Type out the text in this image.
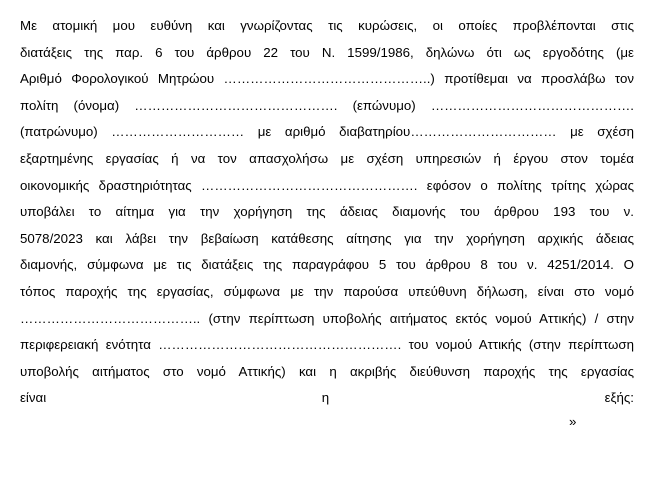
Με ατομική μου ευθύνη και γνωρίζοντας τις κυρώσεις, οι οποίες προβλέπονται στις
διατάξεις της παρ. 6 του άρθρου 22 του Ν. 1599/1986, δηλώνω ότι ως εργοδότης (με
Αριθμό Φορολογικού Μητρώου ………………………………………..) προτίθεμαι να προσλάβω τον
πολίτη (όνομα) ………………………………………. (επώνυμο) ……………………………………….
(πατρώνυμο) ………………………… με αριθμό διαβατηρίου…………………………… με σχέση
εξαρτημένης εργασίας ή να τον απασχολήσω με σχέση υπηρεσιών ή έργου στον τομέα
οικονομικής δραστηριότητας …………………………………………. εφόσον ο πολίτης τρίτης χώρας
υποβάλει το αίτημα για την χορήγηση της άδειας διαμονής του άρθρου 193 του ν.
5078/2023 και λάβει την βεβαίωση κατάθεσης αίτησης για την χορήγηση αρχικής άδειας
διαμονής, σύμφωνα με τις διατάξεις της παραγράφου 5 του άρθρου 8 του ν. 4251/2014. Ο
τόπος παροχής της εργασίας, σύμφωνα με την παρούσα υπεύθυνη δήλωση, είναι στο νομό
………………………………….. (στην περίπτωση υποβολής αιτήματος εκτός νομού Αττικής) / στην
περιφερειακή ενότητα ………………………………………………. του νομού Αττικής (στην περίπτωση
υποβολής αιτήματος στο νομό Αττικής) και η ακριβής διεύθυνση παροχής της εργασίας
είναι η εξής:
»
